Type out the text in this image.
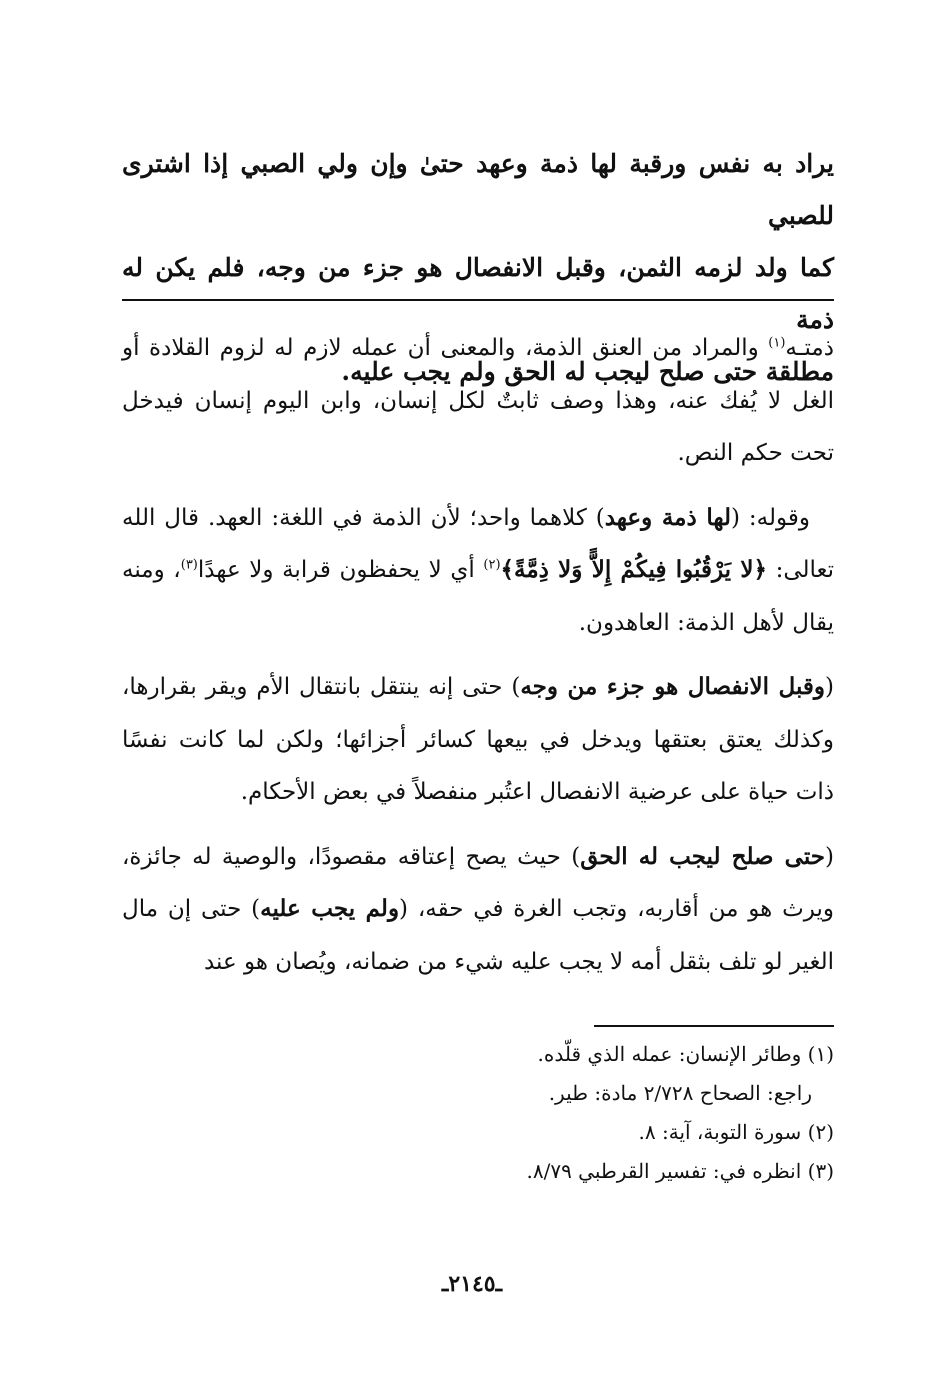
يراد به نفس ورقبة لها ذمة وعهد حتىٰ وإن ولي الصبي إذا اشترى للصبي
كما ولد لزمه الثمن، وقبل الانفصال هو جزء من وجه، فلم يكن له ذمة
مطلقة حتى صلح ليجب له الحق ولم يجب عليه.

ذمتـه$^{(١)}$ والمراد من العنق الذمة، والمعنى أن عمله لازم له لزوم القلادة أو الغل لا يُفك عنه، وهذا وصف ثابتٌ لكل إنسان، وابن اليوم إنسان فيدخل تحت حكم النص.

وقوله: (لها ذمة وعهد) كلاهما واحد؛ لأن الذمة في اللغة: العهد. قال الله تعالى: ﴿لا يَرْقُبُوا فِيكُمْ إِلاًّ وَلا ذِمَّةً﴾$^{(٢)}$ أي لا يحفظون قرابة ولا عهدًا$^{(٣)}$، ومنه يقال لأهل الذمة: العاهدون.

(وقبل الانفصال هو جزء من وجه) حتى إنه ينتقل بانتقال الأم ويقر بقرارها، وكذلك يعتق بعتقها ويدخل في بيعها كسائر أجزائها؛ ولكن لما كانت نفسًا ذات حياة على عرضية الانفصال اعتُبر منفصلاً في بعض الأحكام.

(حتى صلح ليجب له الحق) حيث يصح إعتاقه مقصودًا، والوصية له جائزة، ويرث هو من أقاربه، وتجب الغرة في حقه، (ولم يجب عليه) حتى إن مال الغير لو تلف بثقل أمه لا يجب عليه شيء من ضمانه، ويُصان هو عند

(١) وطائر الإنسان: عمله الذي قلّده.

راجع: الصحاح ٢/٧٢٨ مادة: طير.

(٢) سورة التوبة، آية: ٨.

(٣) انظره في: تفسير القرطبي ٨/٧٩.

ـ٢١٤٥ـ
